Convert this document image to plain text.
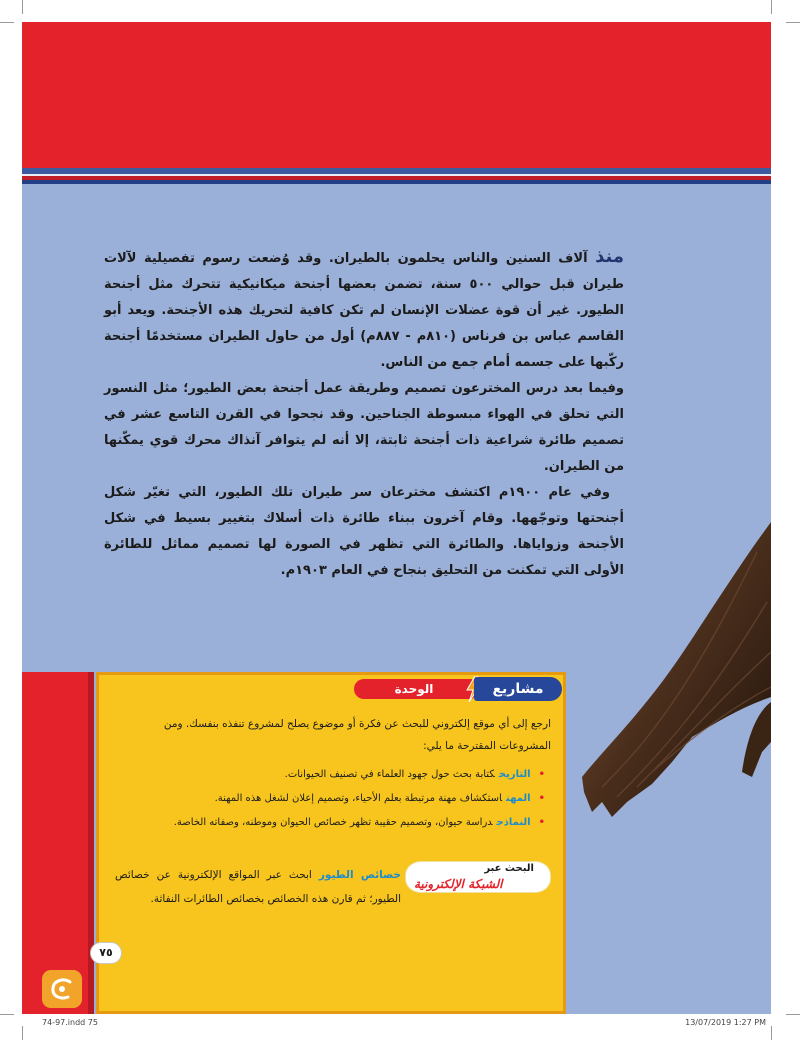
منذ آلاف السنين والناس يحلمون بالطيران. وقد وُضعت رسوم تفصيلية لآلات طيران قبل حوالي ٥٠٠ سنة، تضمن بعضها أجنحة ميكانيكية تتحرك مثل أجنحة الطيور. غير أن قوة عضلات الإنسان لم تكن كافية لتحريك هذه الأجنحة. ويعد أبو القاسم عباس بن فرناس (٨١٠م - ٨٨٧م) أول من حاول الطيران مستخدمًا أجنحة ركّبها على جسمه أمام جمع من الناس.

وفيما بعد درس المخترعون تصميم وطريقة عمل أجنحة بعض الطيور؛ مثل النسور التي تحلق في الهواء مبسوطة الجناحين. وقد نجحوا في القرن التاسع عشر في تصميم طائرة شراعية ذات أجنحة ثابتة، إلا أنه لم يتوافر آنذاك محرك قوي يمكّنها من الطيران.

وفي عام ١٩٠٠م اكتشف مخترعان سر طيران تلك الطيور، التي تغيّر شكل أجنحتها وتوجّهها. وقام آخرون ببناء طائرة ذات أسلاك بتغيير بسيط في شكل الأجنحة وزواياها. والطائرة التي تظهر في الصورة لها تصميم مماثل للطائرة الأولى التي تمكنت من التحليق بنجاح في العام ١٩٠٣م.

الوحدة	مشاريع
ارجع إلى أي موقع إلكتروني للبحث عن فكرة أو موضوع يصلح لمشروع تنفذه بنفسك. ومن المشروعات المقترحة ما يلي:
• التاريخكتابة بحث حول جهود العلماء في تصنيف الحيوانات.
• المهناستكشاف مهنة مرتبطة بعلم الأحياء، وتصميم إعلان لشغل هذه المهنة.
• النماذجدراسة حيوان، وتصميم حقيبة تظهر خصائص الحيوان وموطنه، وصفاته الخاصة.
البحث عبر
الشبكة الإلكترونية
خصائص الطيور ابحث عبر المواقع الإلكترونية عن خصائص الطيور؛ ثم قارن هذه الخصائص بخصائص الطائرات النفاثة.
٧٥
74-97.indd 75	13/07/2019 1:27 PM
